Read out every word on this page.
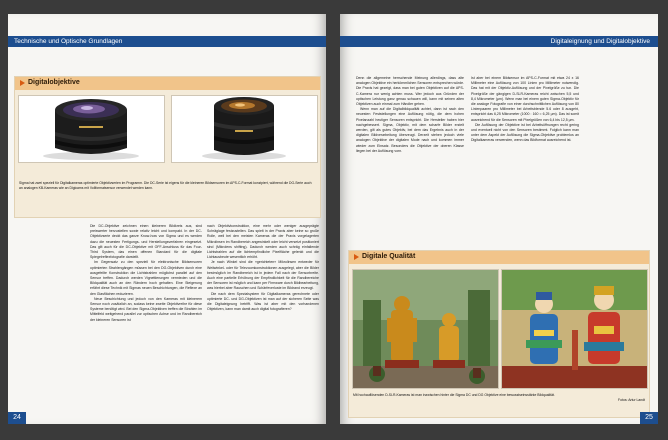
Technische und Optische Grundlagen
Digitalobjektive
Sigma hat zwei speziell für Digitalkameras optimierte Objektivserien im Programm. Die DC-Serie ist eigens für die kleineren Bildsensoren im APS-C-Format konzipiert, während die DG-Serie auch an analogen KB-Kameras wie an Digicams mit Vollformatsensor verwendet werden kann.

Die DC-Objektive zeichnen einen kleineren Bildkreis aus, sind preiswerter herzustellen sowie relativ leicht und kompakt. In der DC-Objektivserie deckt das ganze Know-how von Sigma und es werden dazu die neuesten Fertigungs- und Herstellungsverfahren eingesetzt. Das gilt auch für die DC-Objektive mit OFF-Anschluss für das Four-Third System, das einen offenen Standard für die digitale Spiegelreflexfotografie darstellt.

Im Gegensatz zu den speziell für elektronische Bildsensoren optimierten Strahlengängen müssen bei den DG-Objektiven durch eine ausgefeilte Konstruktion die Lichtstrahlen möglichst parallel auf den Sensor treffen. Dadurch werden Vignettierungen vermieden und die Bildqualität auch an den Rändern hoch gehalten. Eine Steigerung erfährt diese Technik mit Sigmas neuen Beschichtungen, die Reflexe an den Glasflächen reduzieren.

Neue Beschichtung und jedoch von den Kameras mit kleinerem Sensor noch zusätzlich an, sodass keine zweite Objektivreihe für diese Systeme benötigt wird. Bei den Sigma-Objektiven treffen die Strahlen im Mittelfeld weitgehend parallel zur optischen Achse und im Randbereich der kleineren Sensoren ist

nach Objektivkonstruktion, eine mehr oder weniger ausgeprägte Schräglage festzustellen. Das spielt in der Praxis aber keine so große Rolle, weil bei den meisten Kameras die der Praxis vorgelagerten Mikrolinsen im Randbereich angewinkelt oder leicht versetzt positioniert sind (Mikrolens shifting). Dadurch werden auch schräg einfallende Lichtstrahlen auf die lichtempfindliche Pixelfläche gelenkt und die Lichtausbeute wesentlich erhöht.

Je nach Winkel sind die »gerichteten« Mikrolinsen entweder für Weitwinkel- oder für Telezoomkonstruktionen ausgelegt, aber die Bilder bestmöglich im Randbereich ist in jedem Fall nach der Sensorbreite. Auch eine partielle Erhöhung der Empfindlichkeit für die Randbereiche der Sensoren ist möglich und kann per Firmware durch Bildbearbeitung, was hierbei aber Rauschen und Schärfeverluste im Bildrand erzeugt.

Die nach dem Spezialsystem für Digitalkameras gerechnete oder optimierte DC- und DG-Objektiven ist man auf der sicheren Seite was die Digitaleignung betrifft. Was ist aber mit den vorhandenen Objektiven, kann man damit auch digital fotografieren?

24
Digitaleignung und Digitalobjektive

Denn die allgemeine herrschende Meinung allerdings, dass alte analogen Objektive ein herkömmlichen Sensoren entsprechen würde. Die Praxis hat gezeigt, dass man bei guten Objektiven auf die APS-C-Kamera nur wenig achten muss. Wer jedoch aus Gründen der optischen Leistung ganz genau schauen will, kann mit seinen alten Objektiven auch einmal zum Händler gehen.

Wenn man auf die Digitalbildqualität achtet, dann ist nach den neuesten Feststellungen eine Auflösung nötig, die dem hohen Pixelanzahl heutiger Sensoren entspricht. Die Hersteller haben hier nachgebessert. Sigma, Objektiv, mit dem scharfe Bilder erzielt werden, gilt als gutes Objektiv, bei dem das Ergebnis auch in der digitalen Bildverarbeitung überzeugt. Derzeit stehen jedoch viele analogen Objektive der digitalen Mode nach und kommen immer wieder zum Einsatz. Besonders die Objektive der oberen Klasse liegen bei der Auflösung vorn.

Ist aber bei einem Bildsensor im APS-C-Format mit etwa 24 x 16 Millimeter eine Auflösung von 100 Linien pro Millimeter notwendig. Das hat mit der Objektiv-Auflösung und der Pixelgröße zu tun. Die Pixelgröße der gängigen D-SLR-Kameras reicht zwischen 5,5 und 8,4 Mikrometer (µm). Wenn man bei einem guten Sigma-Objektiv für die analoge Fotografie von einer durchschnittlichen Auflösung von 80 Linienpaaren pro Millimeter bei Arbeitsblende 5.6 oder 8 ausgeht, entspricht das 6,25 Mikrometer (1000 : 160 = 6,25 µm). Das ist somit ausreichend für die Sensoren mit Pixelgrößen von 6,4 bis 12,5 µm.

Die Auflösung der Objektive ist bei Arbeitsöffnungen recht gering und eventuell nicht von den Sensoren bestimmt. Folglich kann man unter dem Aspekt der Auflösung die Sigma-Objektive problemlos an Digitalkameras verwenden, wenn das Bildformat ausreichend ist.

Digitale Qualität
Mit hochauflösenden D-SLR-Kameras ist man inzwischen hinter die Sigma DC und DG Objektive eine bewusstseinsstärke Bildqualität.
Fotos: Artur Landt
25
